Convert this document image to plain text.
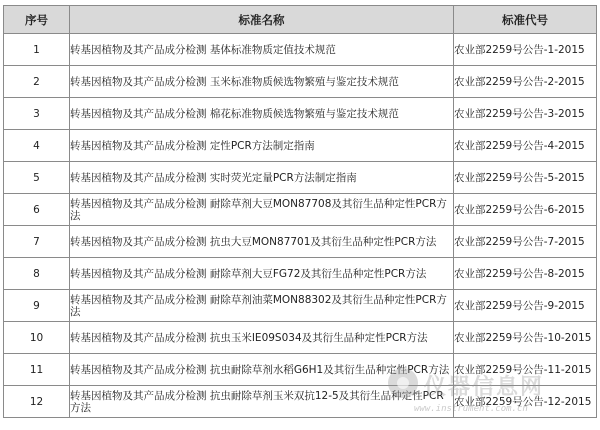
序号	标准名称	标准代号
1	转基因植物及其产品成分检测 基体标准物质定值技术规范	农业部2259号公告-1-2015
2	转基因植物及其产品成分检测 玉米标准物质候选物繁殖与鉴定技术规范	农业部2259号公告-2-2015
3	转基因植物及其产品成分检测 棉花标准物质候选物繁殖与鉴定技术规范	农业部2259号公告-3-2015
4	转基因植物及其产品成分检测 定性PCR方法制定指南	农业部2259号公告-4-2015
5	转基因植物及其产品成分检测 实时荧光定量PCR方法制定指南	农业部2259号公告-5-2015
6	转基因植物及其产品成分检测 耐除草剂大豆MON87708及其衍生品种定性PCR方法	农业部2259号公告-6-2015
7	转基因植物及其产品成分检测 抗虫大豆MON87701及其衍生品种定性PCR方法	农业部2259号公告-7-2015
8	转基因植物及其产品成分检测 耐除草剂大豆FG72及其衍生品种定性PCR方法	农业部2259号公告-8-2015
9	转基因植物及其产品成分检测 耐除草剂油菜MON88302及其衍生品种定性PCR方法	农业部2259号公告-9-2015
10	转基因植物及其产品成分检测 抗虫玉米IE09S034及其衍生品种定性PCR方法	农业部2259号公告-10-2015
11	转基因植物及其产品成分检测 抗虫耐除草剂水稻G6H1及其衍生品种定性PCR方法	农业部2259号公告-11-2015
12	转基因植物及其产品成分检测 抗虫耐除草剂玉米双抗12-5及其衍生品种定性PCR方法	农业部2259号公告-12-2015
仪器信息网
www.instrument.com.cn
